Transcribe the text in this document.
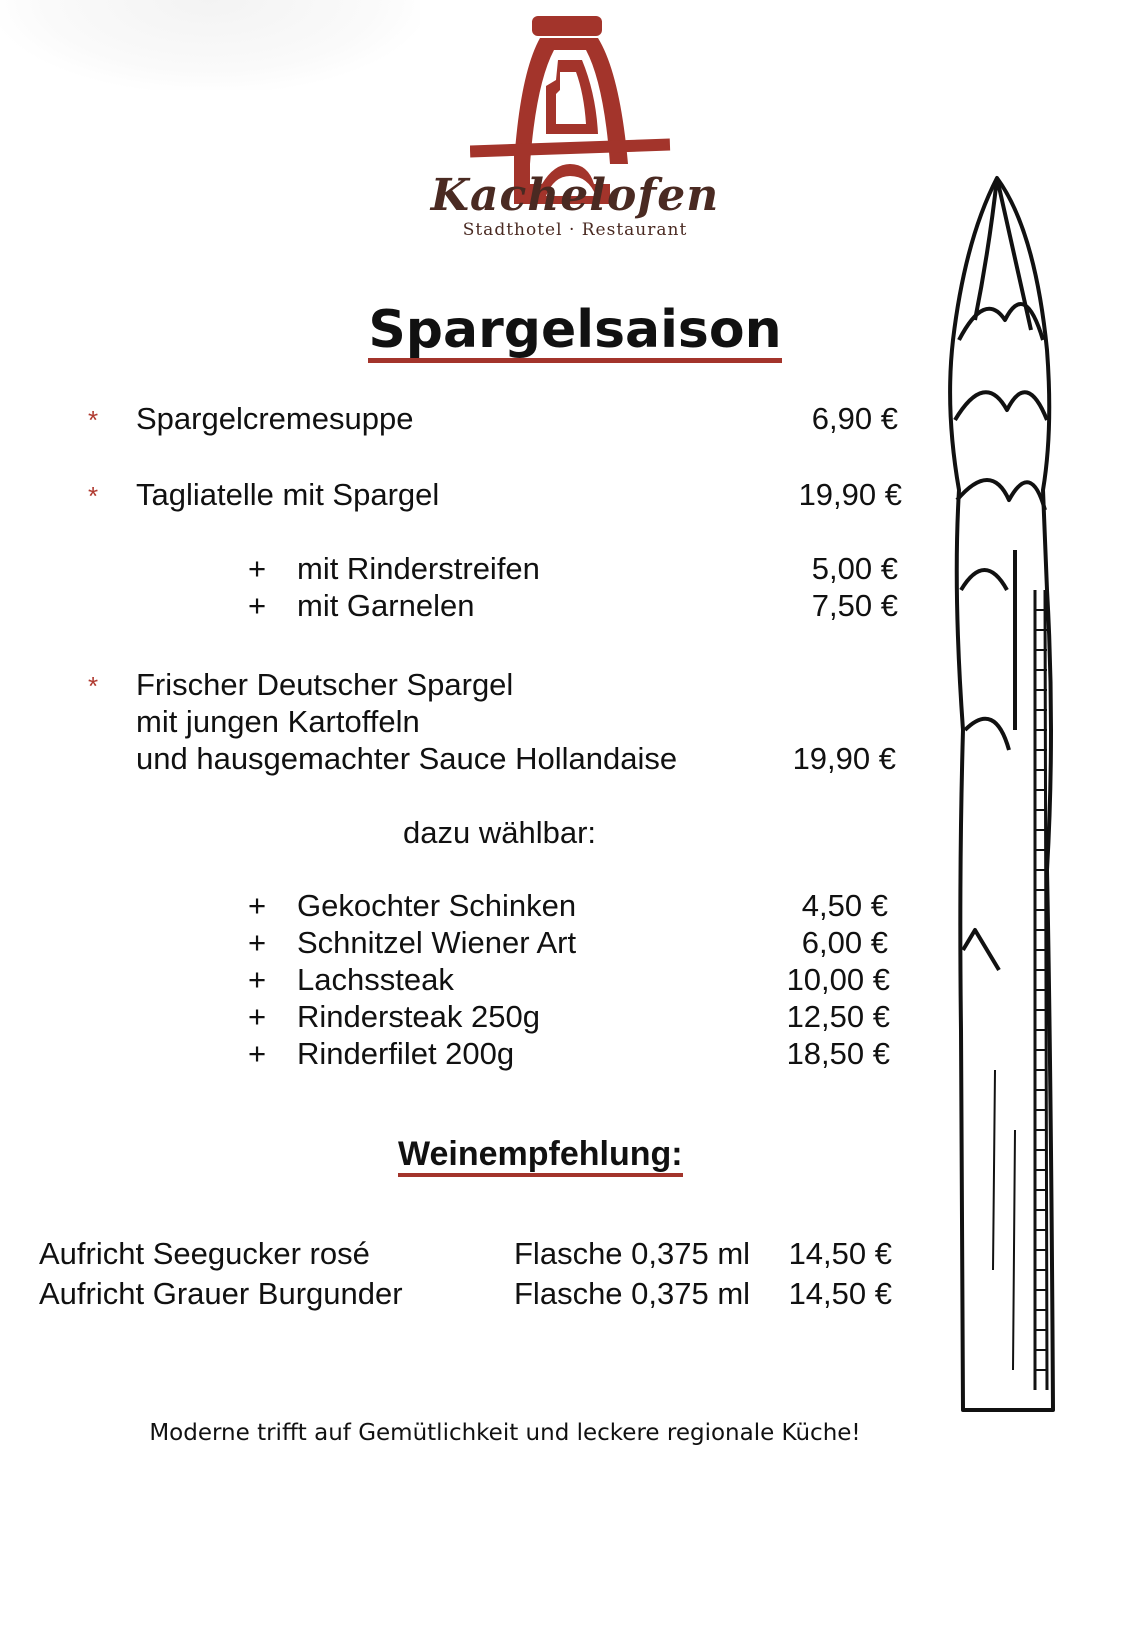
Kachelofen
Stadthotel · Restaurant
Spargelsaison
* Spargelcremesuppe	6,90 €
* Tagliatelle mit Spargel	19,90 €
+ mit Rinderstreifen	5,00 €
+ mit Garnelen	7,50 €
* Frischer Deutscher Spargel
mit jungen Kartoffeln
und hausgemachter Sauce Hollandaise	19,90 €
dazu wählbar:
+ Gekochter Schinken	4,50 €
+ Schnitzel Wiener Art	6,00 €
+ Lachssteak	10,00 €
+ Rindersteak 250g	12,50 €
+ Rinderfilet 200g	18,50 €
Weinempfehlung:
Aufricht Seegucker rosé	Flasche 0,375 ml	14,50 €
Aufricht Grauer Burgunder	Flasche 0,375 ml	14,50 €
Moderne trifft auf Gemütlichkeit und leckere regionale Küche!
